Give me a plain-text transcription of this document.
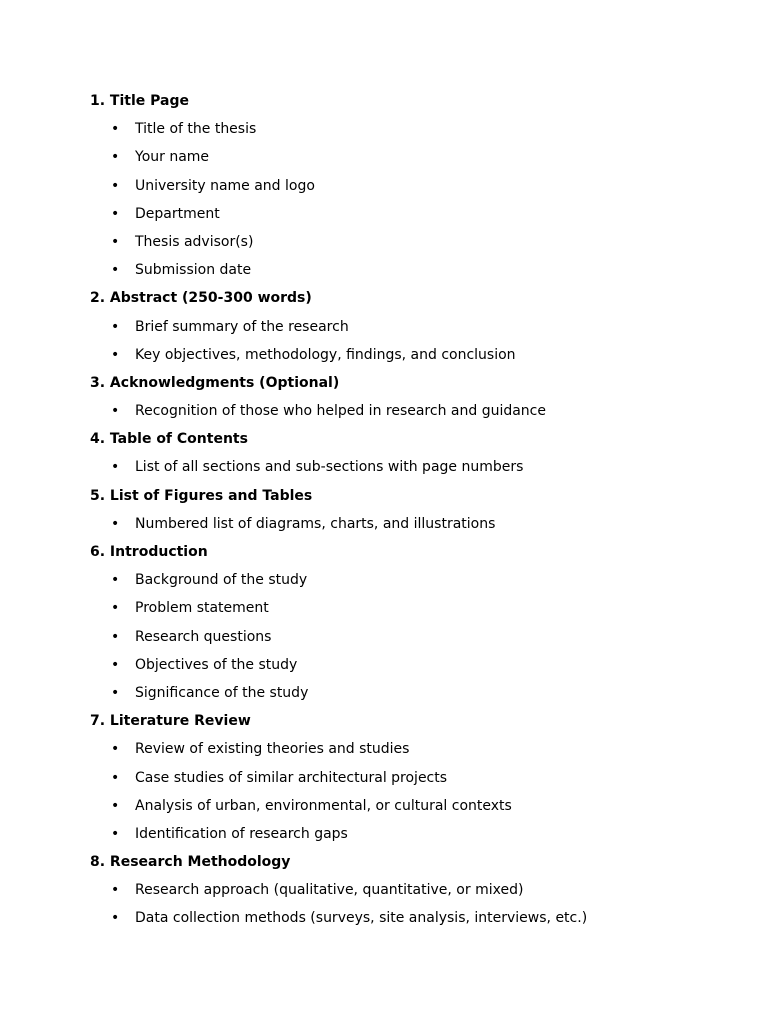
1. Title Page
• Title of the thesis
• Your name
• University name and logo
• Department
• Thesis advisor(s)
• Submission date
2. Abstract (250-300 words)
• Brief summary of the research
• Key objectives, methodology, findings, and conclusion
3. Acknowledgments (Optional)
• Recognition of those who helped in research and guidance
4. Table of Contents
• List of all sections and sub-sections with page numbers
5. List of Figures and Tables
• Numbered list of diagrams, charts, and illustrations
6. Introduction
• Background of the study
• Problem statement
• Research questions
• Objectives of the study
• Significance of the study
7. Literature Review
• Review of existing theories and studies
• Case studies of similar architectural projects
• Analysis of urban, environmental, or cultural contexts
• Identification of research gaps
8. Research Methodology
• Research approach (qualitative, quantitative, or mixed)
• Data collection methods (surveys, site analysis, interviews, etc.)
